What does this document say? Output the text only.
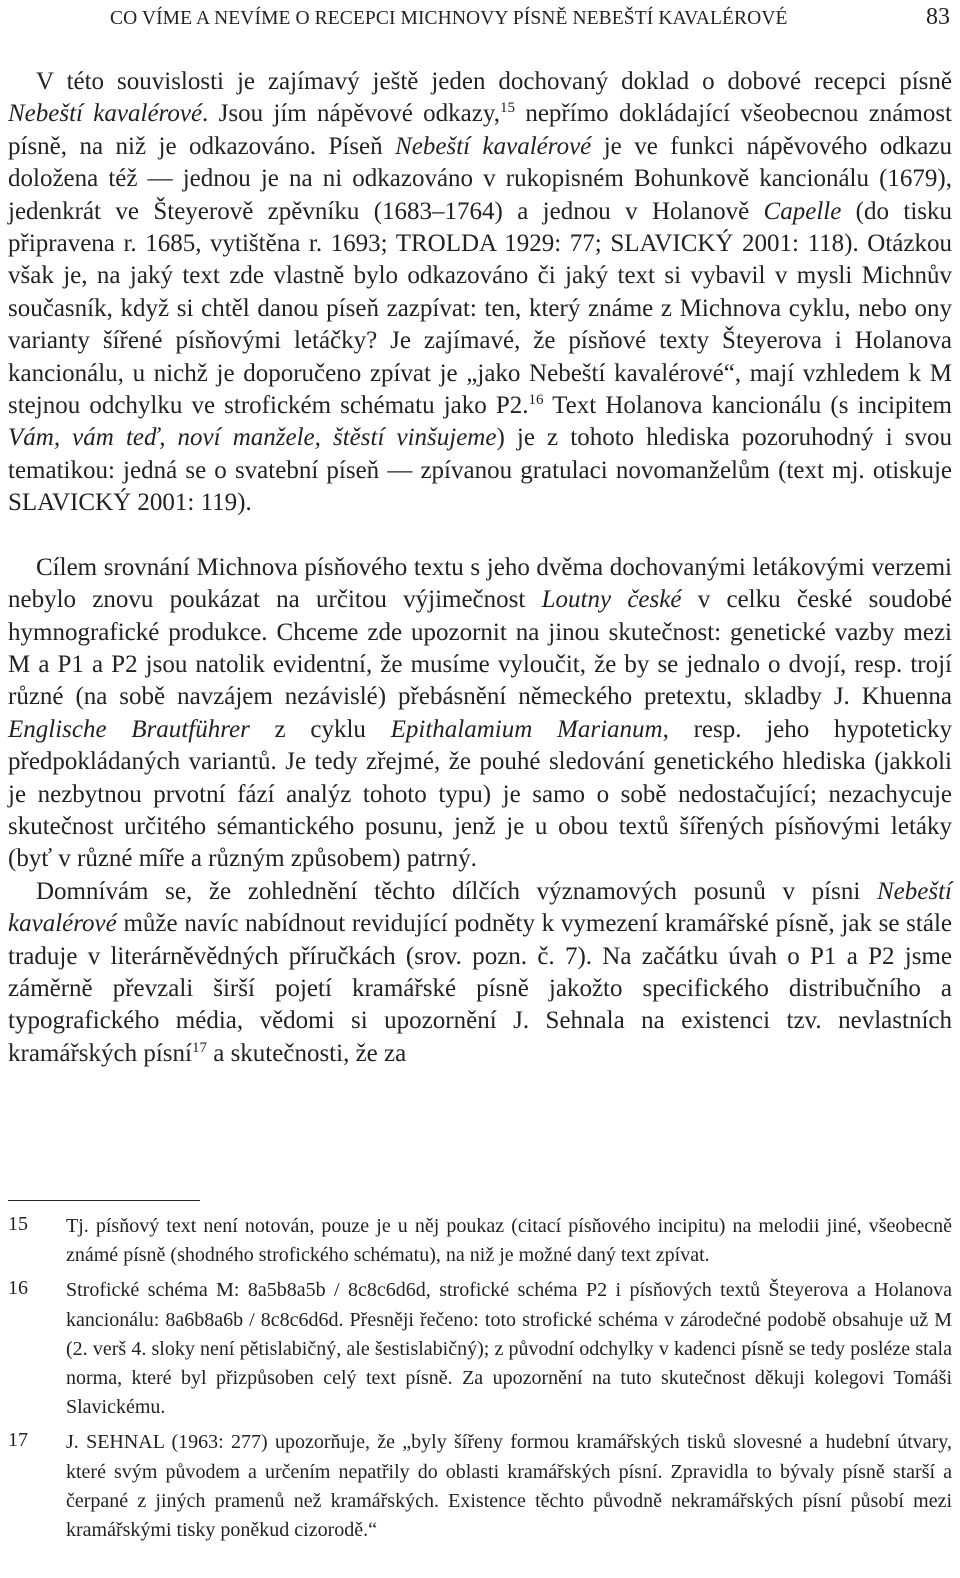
CO VÍME A NEVÍME O RECEPCI MICHNOVY PÍSNĚ NEBEŠTÍ KAVALÉROVÉ	83

V této souvislosti je zajímavý ještě jeden dochovaný doklad o dobové recepci písně Nebeští kavalérové. Jsou jím nápěvové odkazy,$^{15}$ nepřímo dokládající všeobecnou známost písně, na niž je odkazováno. Píseň Nebeští kavalérové je ve funkci nápěvového odkazu doložena též — jednou je na ni odkazováno v rukopisném Bohunkově kancionálu (1679), jedenkrát ve Šteyerově zpěvníku (1683–1764) a jednou v Holanově Capelle (do tisku připravena r. 1685, vytištěna r. 1693; TROLDA 1929: 77; SLAVICKÝ 2001: 118). Otázkou však je, na jaký text zde vlastně bylo odkazováno či jaký text si vybavil v mysli Michnův současník, když si chtěl danou píseň zazpívat: ten, který známe z Michnova cyklu, nebo ony varianty šířené písňovými letáčky? Je zajímavé, že písňové texty Šteyerova i Holanova kancionálu, u nichž je doporučeno zpívat je „jako Nebeští kavalérové“, mají vzhledem k M stejnou odchylku ve strofickém schématu jako P2.16 Text Holanova kancionálu (s incipitem Vám, vám teď, noví manžele, štěstí vinšujeme) je z tohoto hlediska pozoruhodný i svou tematikou: jedná se o svatební píseň — zpívanou gratulaci novomanželům (text mj. otiskuje SLAVICKÝ 2001: 119).

Cílem srovnání Michnova písňového textu s jeho dvěma dochovanými letákovými verzemi nebylo znovu poukázat na určitou výjimečnost Loutny české v celku české soudobé hymnografické produkce. Chceme zde upozornit na jinou skutečnost: genetické vazby mezi M a P1 a P2 jsou natolik evidentní, že musíme vyloučit, že by se jednalo o dvojí, resp. trojí různé (na sobě navzájem nezávislé) přebásnění německého pretextu, skladby J. Khuenna Englische Brautführer z cyklu Epithalamium Marianum, resp. jeho hypoteticky předpokládaných variantů. Je tedy zřejmé, že pouhé sledování genetického hlediska (jakkoli je nezbytnou prvotní fází analýz tohoto typu) je samo o sobě nedostačující; nezachycuje skutečnost určitého sémantického posunu, jenž je u obou textů šířených písňovými letáky (byť v různé míře a různým způsobem) patrný.

Domnívám se, že zohlednění těchto dílčích významových posunů v písni Nebeští kavalérové může navíc nabídnout revidující podněty k vymezení kramářské písně, jak se stále traduje v literárněvědných příručkách (srov. pozn. č. 7). Na začátku úvah o P1 a P2 jsme záměrně převzali širší pojetí kramářské písně jakožto specifického distribučního a typografického média, vědomi si upozornění J. Sehnala na existenci tzv. nevlastních kramářských písní$^{17}$ a skutečnosti, že za

15 Tj. písňový text není notován, pouze je u něj poukaz (citací písňového incipitu) na melodii jiné, všeobecně známé písně (shodného strofického schématu), na niž je možné daný text zpívat.
16 Strofické schéma M: 8a5b8a5b / 8c8c6d6d, strofické schéma P2 i písňových textů Šteyerova a Holanova kancionálu: 8a6b8a6b / 8c8c6d6d. Přesněji řečeno: toto strofické schéma v zárodečné podobě obsahuje už M (2. verš 4. sloky není pětislabičný, ale šestislabičný); z původní odchylky v kadenci písně se tedy posléze stala norma, které byl přizpůsoben celý text písně. Za upozornění na tuto skutečnost děkuji kolegovi Tomáši Slavickému.
17 J. SEHNAL (1963: 277) upozorňuje, že „byly šířeny formou kramářských tisků slovesné a hudební útvary, které svým původem a určením nepatřily do oblasti kramářských písní. Zpravidla to bývaly písně starší a čerpané z jiných pramenů než kramářských. Existence těchto původně nekramářských písní působí mezi kramářskými tisky poněkud cizorodě.“
